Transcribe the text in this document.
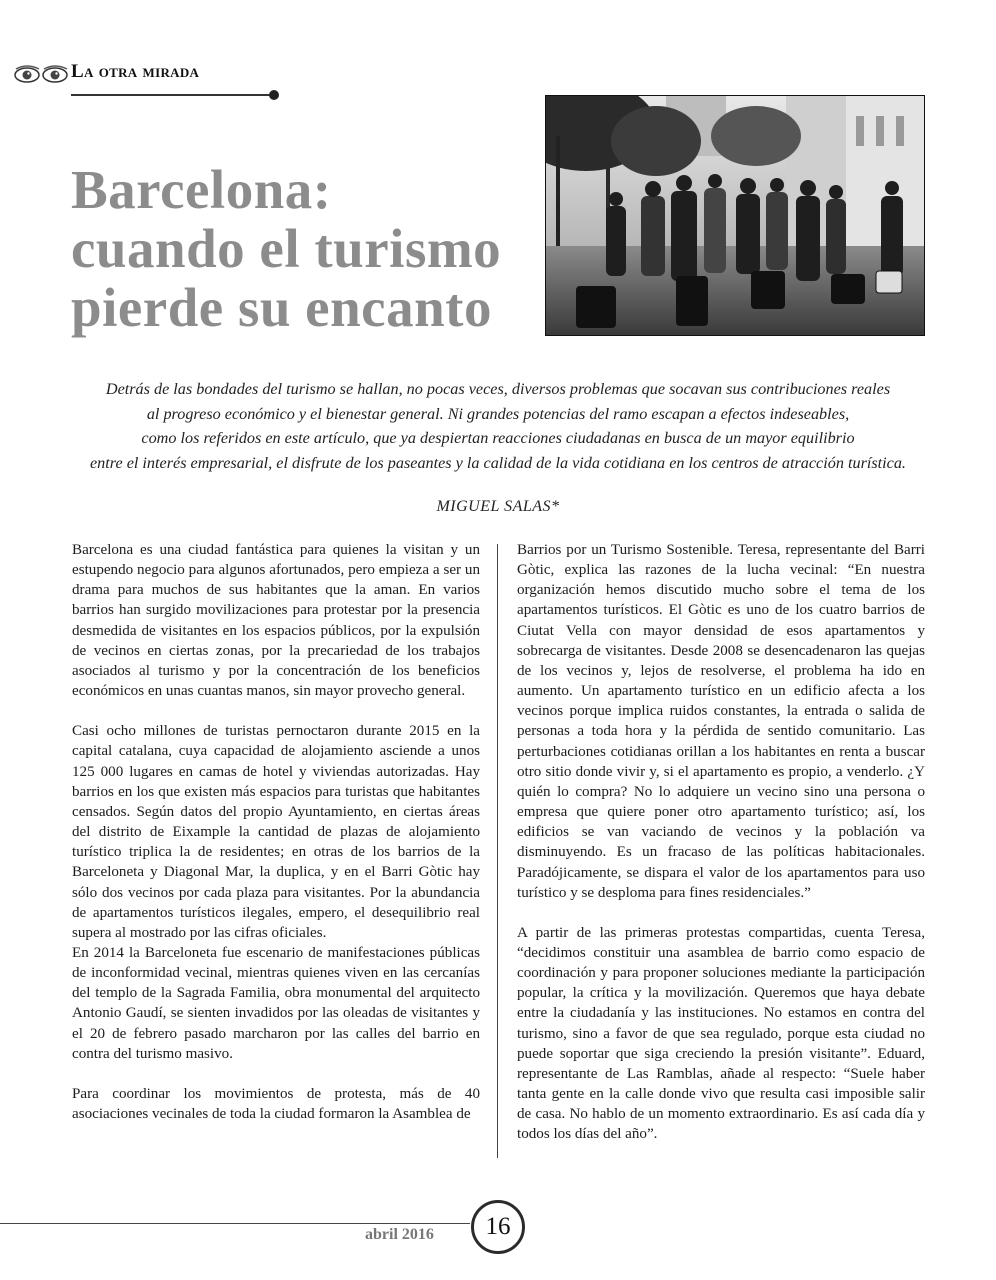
La otra mirada
Barcelona:
cuando el turismo
pierde su encanto

Detrás de las bondades del turismo se hallan, no pocas veces, diversos problemas que socavan sus contribuciones reales
al progreso económico y el bienestar general. Ni grandes potencias del ramo escapan a efectos indeseables,
como los referidos en este artículo, que ya despiertan reacciones ciudadanas en busca de un mayor equilibrio
entre el interés empresarial, el disfrute de los paseantes y la calidad de la vida cotidiana en los centros de atracción turística.

MIGUEL SALAS*

Barcelona es una ciudad fantástica para quienes la visitan y un estupendo negocio para algunos afortunados, pero empieza a ser un drama para muchos de sus habitantes que la aman. En varios barrios han surgido movilizaciones para protestar por la presencia desmedida de visitantes en los espacios públicos, por la expulsión de vecinos en ciertas zonas, por la precariedad de los trabajos asociados al turismo y por la concentración de los beneficios económicos en unas cuantas manos, sin mayor provecho general.

Casi ocho millones de turistas pernoctaron durante 2015 en la capital catalana, cuya capacidad de alojamiento asciende a unos 125 000 lugares en camas de hotel y viviendas autorizadas. Hay barrios en los que existen más espacios para turistas que habitantes censados. Según datos del propio Ayuntamiento, en ciertas áreas del distrito de Eixample la cantidad de plazas de alojamiento turístico triplica la de residentes; en otras de los barrios de la Barceloneta y Diagonal Mar, la duplica, y en el Barri Gòtic hay sólo dos vecinos por cada plaza para visitantes. Por la abundancia de apartamentos turísticos ilegales, empero, el desequilibrio real supera al mostrado por las cifras oficiales.

En 2014 la Barceloneta fue escenario de manifestaciones públicas de inconformidad vecinal, mientras quienes viven en las cercanías del templo de la Sagrada Familia, obra monumental del arquitecto Antonio Gaudí, se sienten invadidos por las oleadas de visitantes y el 20 de febrero pasado marcharon por las calles del barrio en contra del turismo masivo.

Para coordinar los movimientos de protesta, más de 40 asociaciones vecinales de toda la ciudad formaron la Asamblea de

Barrios por un Turismo Sostenible. Teresa, representante del Barri Gòtic, explica las razones de la lucha vecinal: “En nuestra organización hemos discutido mucho sobre el tema de los apartamentos turísticos. El Gòtic es uno de los cuatro barrios de Ciutat Vella con mayor densidad de esos apartamentos y sobrecarga de visitantes. Desde 2008 se desencadenaron las quejas de los vecinos y, lejos de resolverse, el problema ha ido en aumento. Un apartamento turístico en un edificio afecta a los vecinos porque implica ruidos constantes, la entrada o salida de personas a toda hora y la pérdida de sentido comunitario. Las perturbaciones cotidianas orillan a los habitantes en renta a buscar otro sitio donde vivir y, si el apartamento es propio, a venderlo. ¿Y quién lo compra? No lo adquiere un vecino sino una persona o empresa que quiere poner otro apartamento turístico; así, los edificios se van vaciando de vecinos y la población va disminuyendo. Es un fracaso de las políticas habitacionales. Paradójicamente, se dispara el valor de los apartamentos para uso turístico y se desploma para fines residenciales.”

A partir de las primeras protestas compartidas, cuenta Teresa, “decidimos constituir una asamblea de barrio como espacio de coordinación y para proponer soluciones mediante la participación popular, la crítica y la movilización. Queremos que haya debate entre la ciudadanía y las instituciones. No estamos en contra del turismo, sino a favor de que sea regulado, porque esta ciudad no puede soportar que siga creciendo la presión visitante”. Eduard, representante de Las Ramblas, añade al respecto: “Suele haber tanta gente en la calle donde vivo que resulta casi imposible salir de casa. No hablo de un momento extraordinario. Es así cada día y todos los días del año”.

abril 2016	16
